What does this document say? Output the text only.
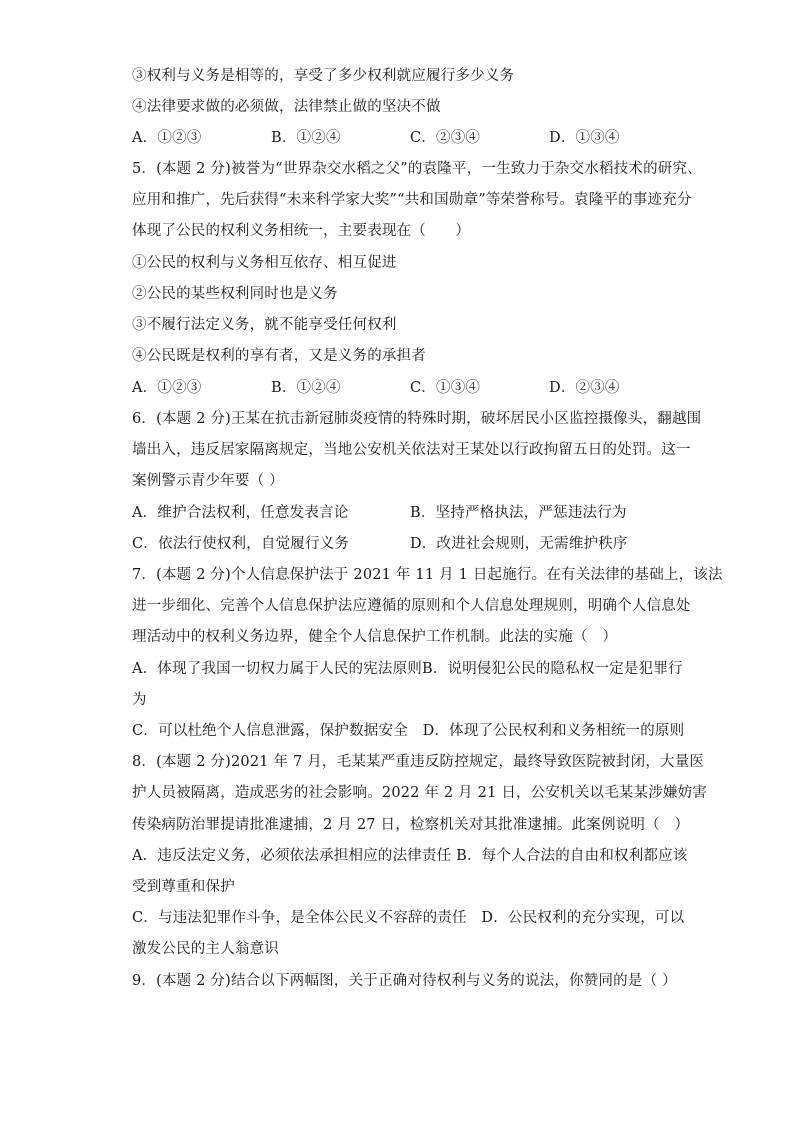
③权利与义务是相等的，享受了多少权利就应履行多少义务
④法律要求做的必须做，法律禁止做的坚决不做
A．①②③	B．①②④	C．②③④	D．①③④
5．(本题 2 分)被誉为“世界杂交水稻之父”的袁隆平，一生致力于杂交水稻技术的研究、
应用和推广，先后获得“未来科学家大奖”“共和国勋章”等荣誉称号。袁隆平的事迹充分
体现了公民的权利义务相统一，主要表现在（　　）
①公民的权利与义务相互依存、相互促进
②公民的某些权利同时也是义务
③不履行法定义务，就不能享受任何权利
④公民既是权利的享有者，又是义务的承担者
A．①②③	B．①②④	C．①③④	D．②③④
6．(本题 2 分)王某在抗击新冠肺炎疫情的特殊时期，破坏居民小区监控摄像头，翻越围
墙出入，违反居家隔离规定，当地公安机关依法对王某处以行政拘留五日的处罚。这一
案例警示青少年要（ ）
A．维护合法权利，任意发表言论	B．坚持严格执法，严惩违法行为
C．依法行使权利，自觉履行义务	D．改进社会规则，无需维护秩序
7．(本题 2 分)个人信息保护法于 2021 年 11 月 1 日起施行。在有关法律的基础上，该法
进一步细化、完善个人信息保护法应遵循的原则和个人信息处理规则，明确个人信息处
理活动中的权利义务边界，健全个人信息保护工作机制。此法的实施（　）
A．体现了我国一切权力属于人民的宪法原则B．说明侵犯公民的隐私权一定是犯罪行
为
C．可以杜绝个人信息泄露，保护数据安全　D．体现了公民权利和义务相统一的原则
8．(本题 2 分)2021 年 7 月，毛某某严重违反防控规定，最终导致医院被封闭，大量医
护人员被隔离，造成恶劣的社会影响。2022 年 2 月 21 日，公安机关以毛某某涉嫌妨害
传染病防治罪提请批准逮捕，2 月 27 日，检察机关对其批准逮捕。此案例说明（　）
A．违反法定义务，必须依法承担相应的法律责任 B．每个人合法的自由和权利都应该
受到尊重和保护
C．与违法犯罪作斗争，是全体公民义不容辞的责任　D．公民权利的充分实现，可以
激发公民的主人翁意识
9．(本题 2 分)结合以下两幅图，关于正确对待权利与义务的说法，你赞同的是（ ）
